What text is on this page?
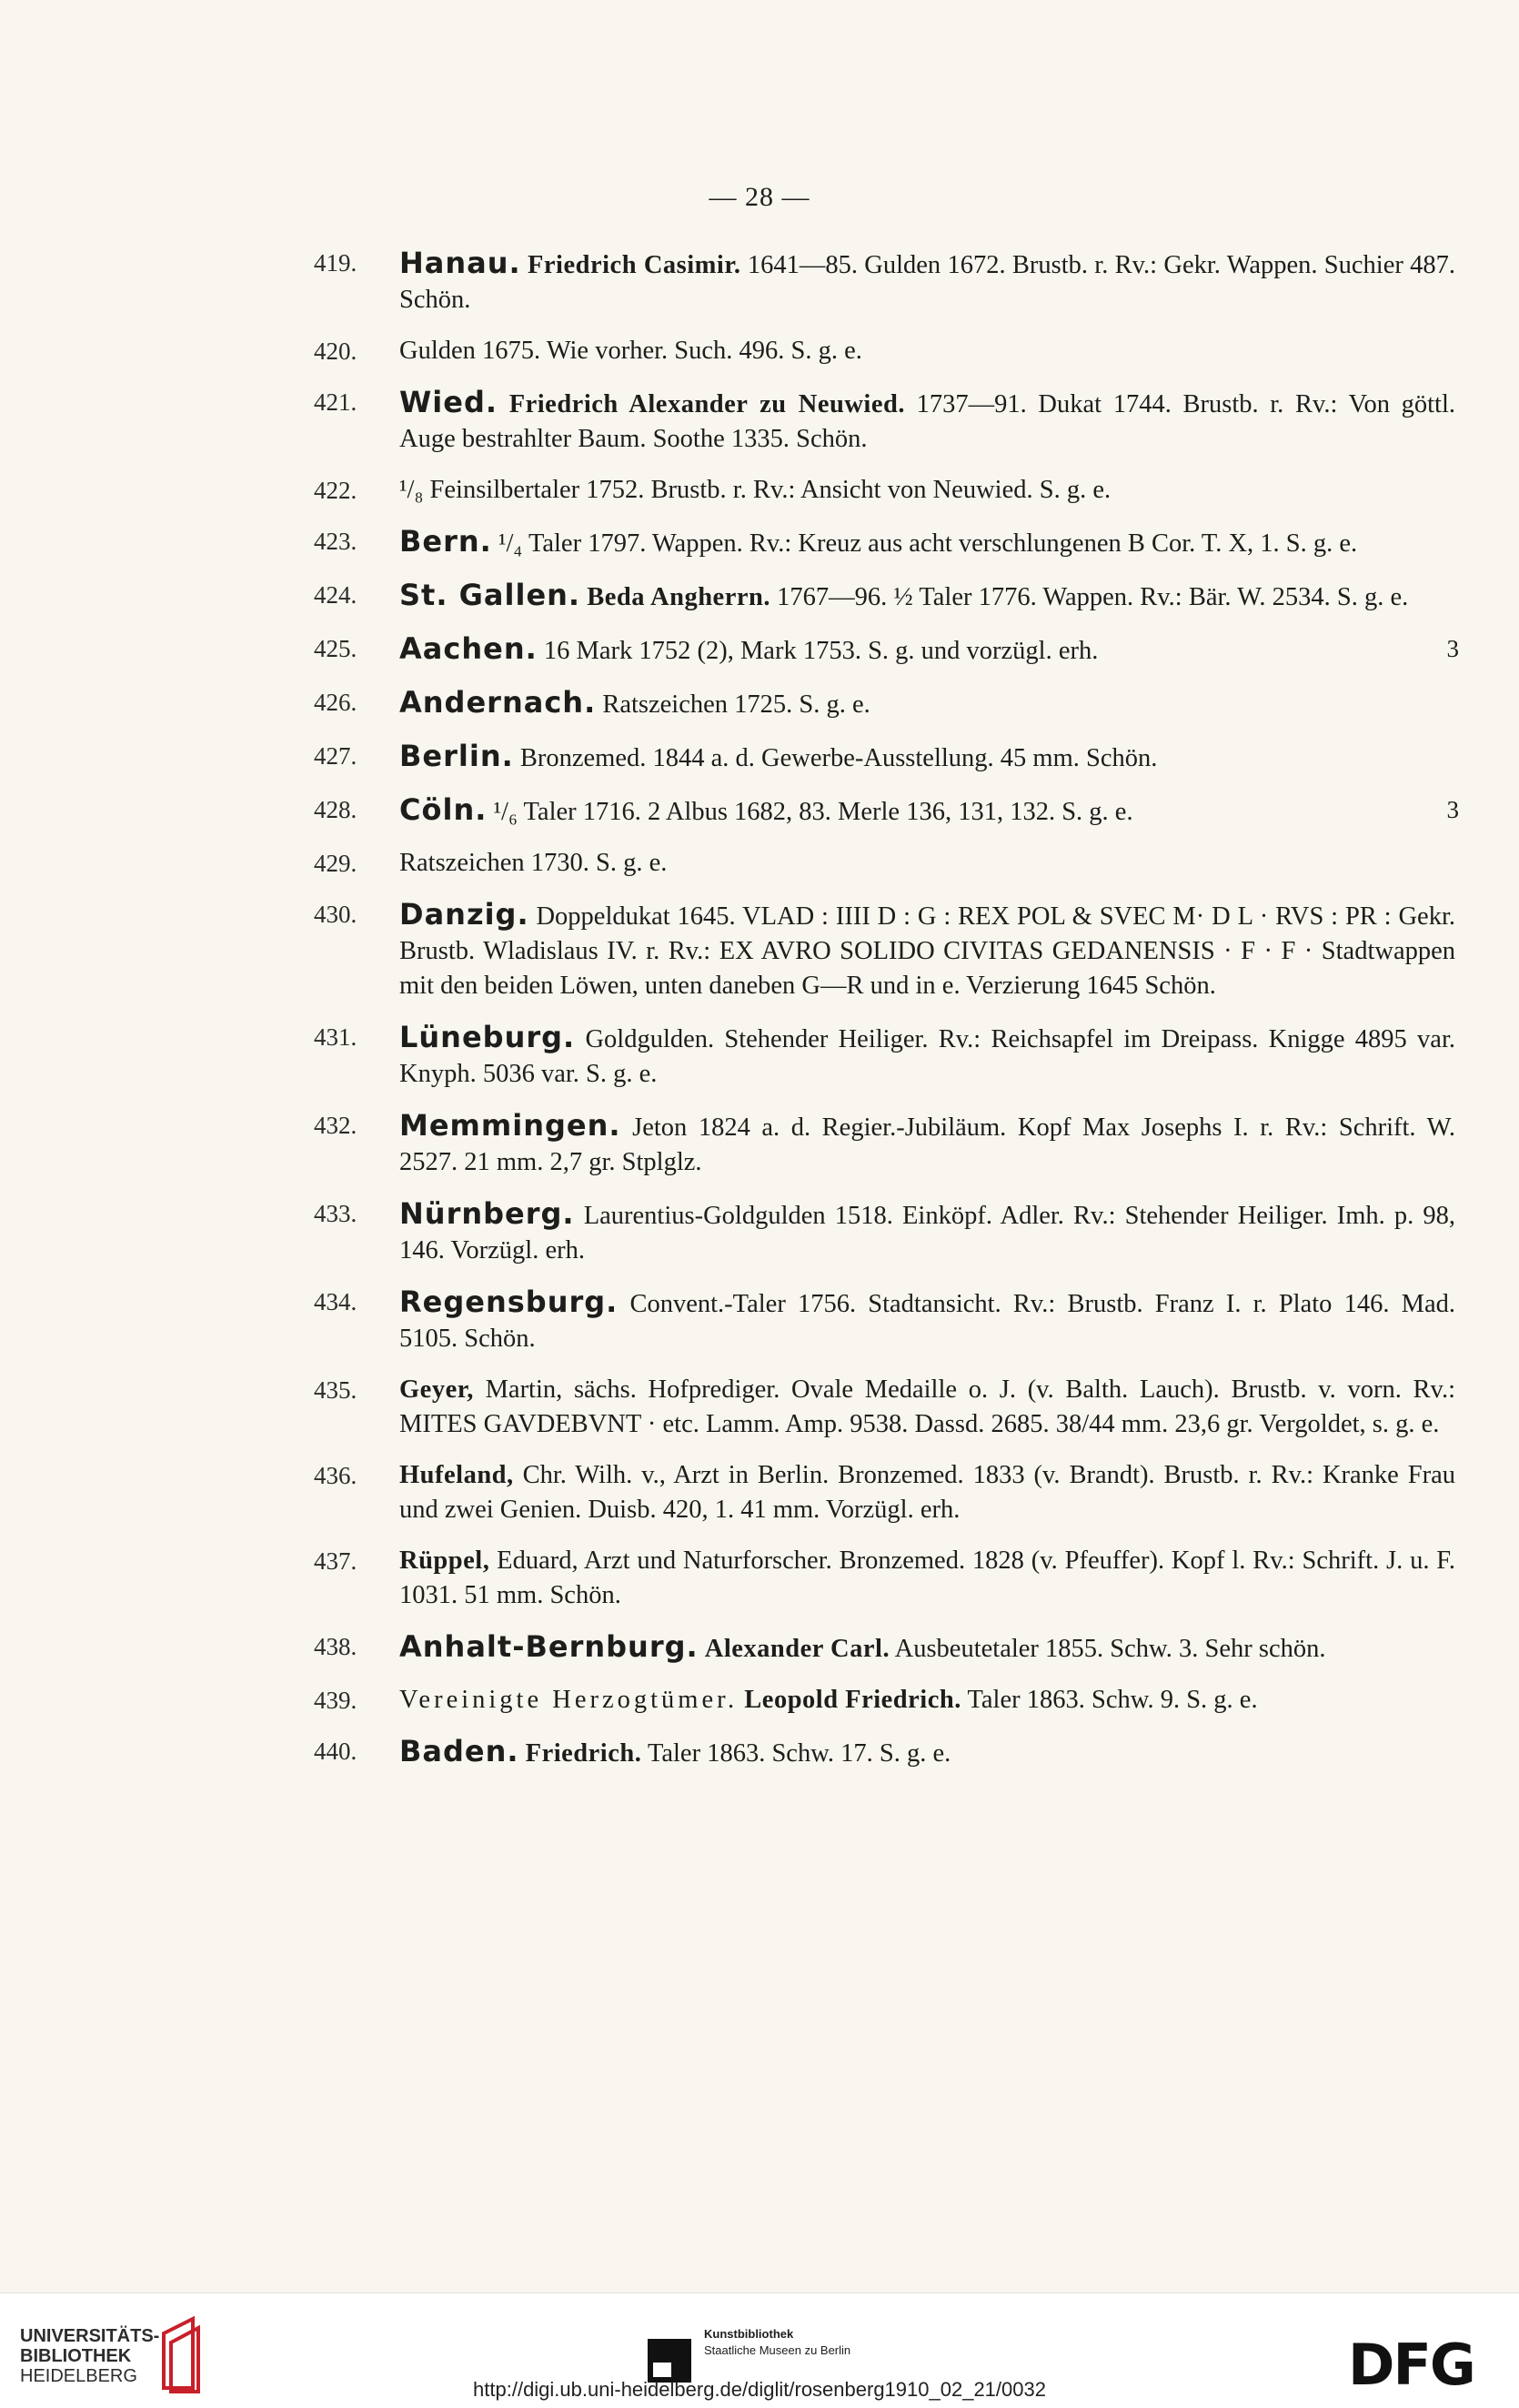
— 28 —
419.	Hanau. Friedrich Casimir. 1641—85. Gulden 1672. Brustb. r. Rv.: Gekr. Wappen. Suchier 487. Schön.
420.	Gulden 1675. Wie vorher. Such. 496. S. g. e.
421.	Wied. Friedrich Alexander zu Neuwied. 1737—91. Dukat 1744. Brustb. r. Rv.: Von göttl. Auge bestrahlter Baum. Soothe 1335. Schön.
422.	¹/₈ Feinsilbertaler 1752. Brustb. r. Rv.: Ansicht von Neuwied. S. g. e.
423.	Bern. ¹/₄ Taler 1797. Wappen. Rv.: Kreuz aus acht verschlungenen B Cor. T. X, 1. S. g. e.
424.	St. Gallen. Beda Angherrn. 1767—96. ½ Taler 1776. Wappen. Rv.: Bär. W. 2534. S. g. e.
425.	Aachen. 16 Mark 1752 (2), Mark 1753. S. g. und vorzügl. erh.	3
426.	Andernach. Ratszeichen 1725. S. g. e.
427.	Berlin. Bronzemed. 1844 a. d. Gewerbe-Ausstellung. 45 mm. Schön.
428.	Cöln. ¹/₆ Taler 1716. 2 Albus 1682, 83. Merle 136, 131, 132. S. g. e.	3
429.	Ratszeichen 1730. S. g. e.
430.	Danzig. Doppeldukat 1645. VLAD : IIII D : G : REX POL & SVEC M· D L · RVS : PR : Gekr. Brustb. Wladislaus IV. r. Rv.: EX AVRO SOLIDO CIVITAS GEDANENSIS · F · F · Stadtwappen mit den beiden Löwen, unten daneben G—R und in e. Verzierung 1645 Schön.
431.	Lüneburg. Goldgulden. Stehender Heiliger. Rv.: Reichsapfel im Dreipass. Knigge 4895 var. Knyph. 5036 var. S. g. e.
432.	Memmingen. Jeton 1824 a. d. Regier.-Jubiläum. Kopf Max Josephs I. r. Rv.: Schrift. W. 2527. 21 mm. 2,7 gr. Stplglz.
433.	Nürnberg. Laurentius-Goldgulden 1518. Einköpf. Adler. Rv.: Stehender Heiliger. Imh. p. 98, 146. Vorzügl. erh.
434.	Regensburg. Convent.-Taler 1756. Stadtansicht. Rv.: Brustb. Franz I. r. Plato 146. Mad. 5105. Schön.
435.	Geyer, Martin, sächs. Hofprediger. Ovale Medaille o. J. (v. Balth. Lauch). Brustb. v. vorn. Rv.: MITES GAVDEBVNT · etc. Lamm. Amp. 9538. Dassd. 2685. 38/44 mm. 23,6 gr. Vergoldet, s. g. e.
436.	Hufeland, Chr. Wilh. v., Arzt in Berlin. Bronzemed. 1833 (v. Brandt). Brustb. r. Rv.: Kranke Frau und zwei Genien. Duisb. 420, 1. 41 mm. Vorzügl. erh.
437.	Rüppel, Eduard, Arzt und Naturforscher. Bronzemed. 1828 (v. Pfeuffer). Kopf l. Rv.: Schrift. J. u. F. 1031. 51 mm. Schön.
438.	Anhalt-Bernburg. Alexander Carl. Ausbeutetaler 1855. Schw. 3. Sehr schön.
439.	Vereinigte Herzogtümer. Leopold Friedrich. Taler 1863. Schw. 9. S. g. e.
440.	Baden. Friedrich. Taler 1863. Schw. 17. S. g. e.
UNIVERSITÄTS-
BIBLIOTHEK
HEIDELBERG
Kunstbibliothek
Staatliche Museen zu Berlin	DFG
http://digi.ub.uni-heidelberg.de/diglit/rosenberg1910_02_21/0032
